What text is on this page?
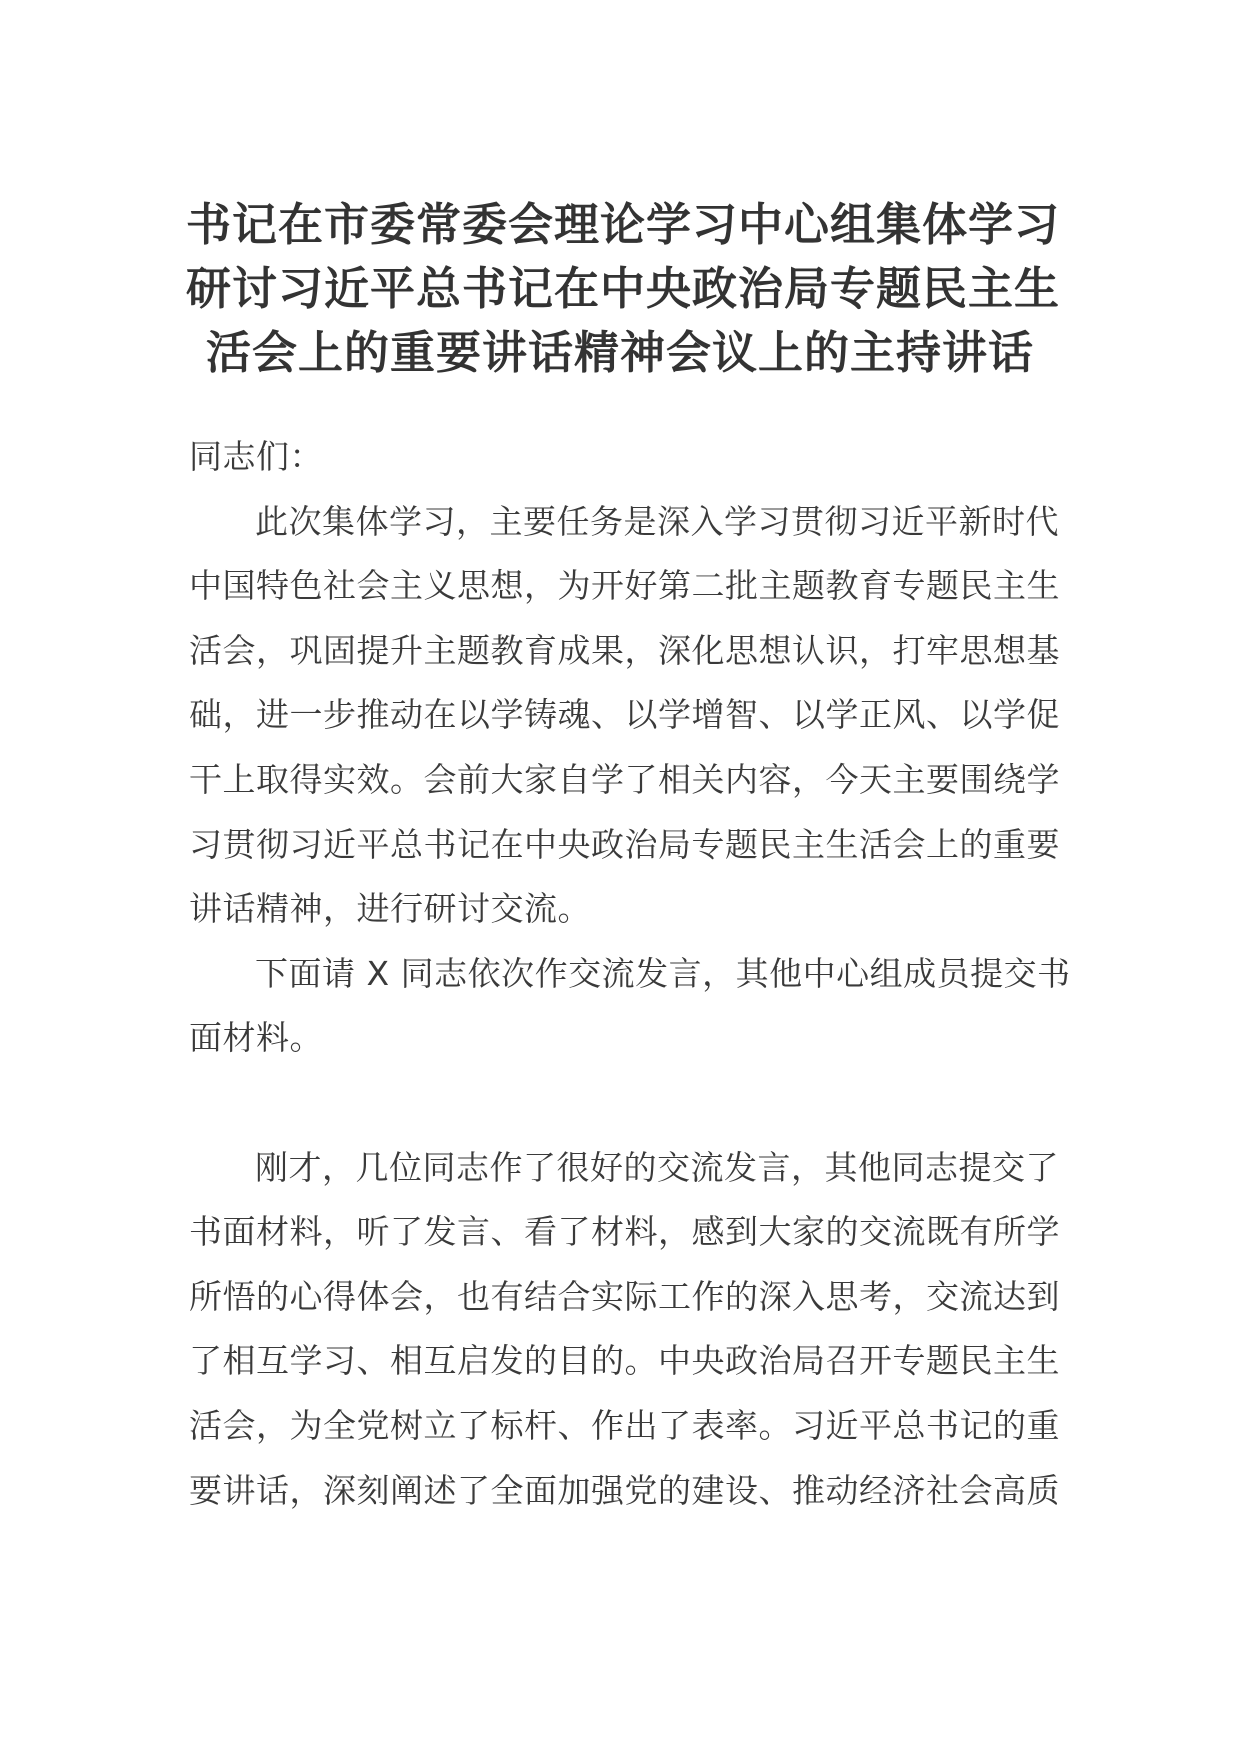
书记在市委常委会理论学习中心组集体学习
研讨习近平总书记在中央政治局专题民主生
活会上的重要讲话精神会议上的主持讲话
同志们：
此次集体学习，主要任务是深入学习贯彻习近平新时代
中国特色社会主义思想，为开好第二批主题教育专题民主生
活会，巩固提升主题教育成果，深化思想认识，打牢思想基
础，进一步推动在以学铸魂、以学增智、以学正风、以学促
干上取得实效。会前大家自学了相关内容，今天主要围绕学
习贯彻习近平总书记在中央政治局专题民主生活会上的重要
讲话精神，进行研讨交流。
下面请 X 同志依次作交流发言，其他中心组成员提交书
面材料。
刚才，几位同志作了很好的交流发言，其他同志提交了
书面材料，听了发言、看了材料，感到大家的交流既有所学
所悟的心得体会，也有结合实际工作的深入思考，交流达到
了相互学习、相互启发的目的。中央政治局召开专题民主生
活会，为全党树立了标杆、作出了表率。习近平总书记的重
要讲话，深刻阐述了全面加强党的建设、推动经济社会高质
